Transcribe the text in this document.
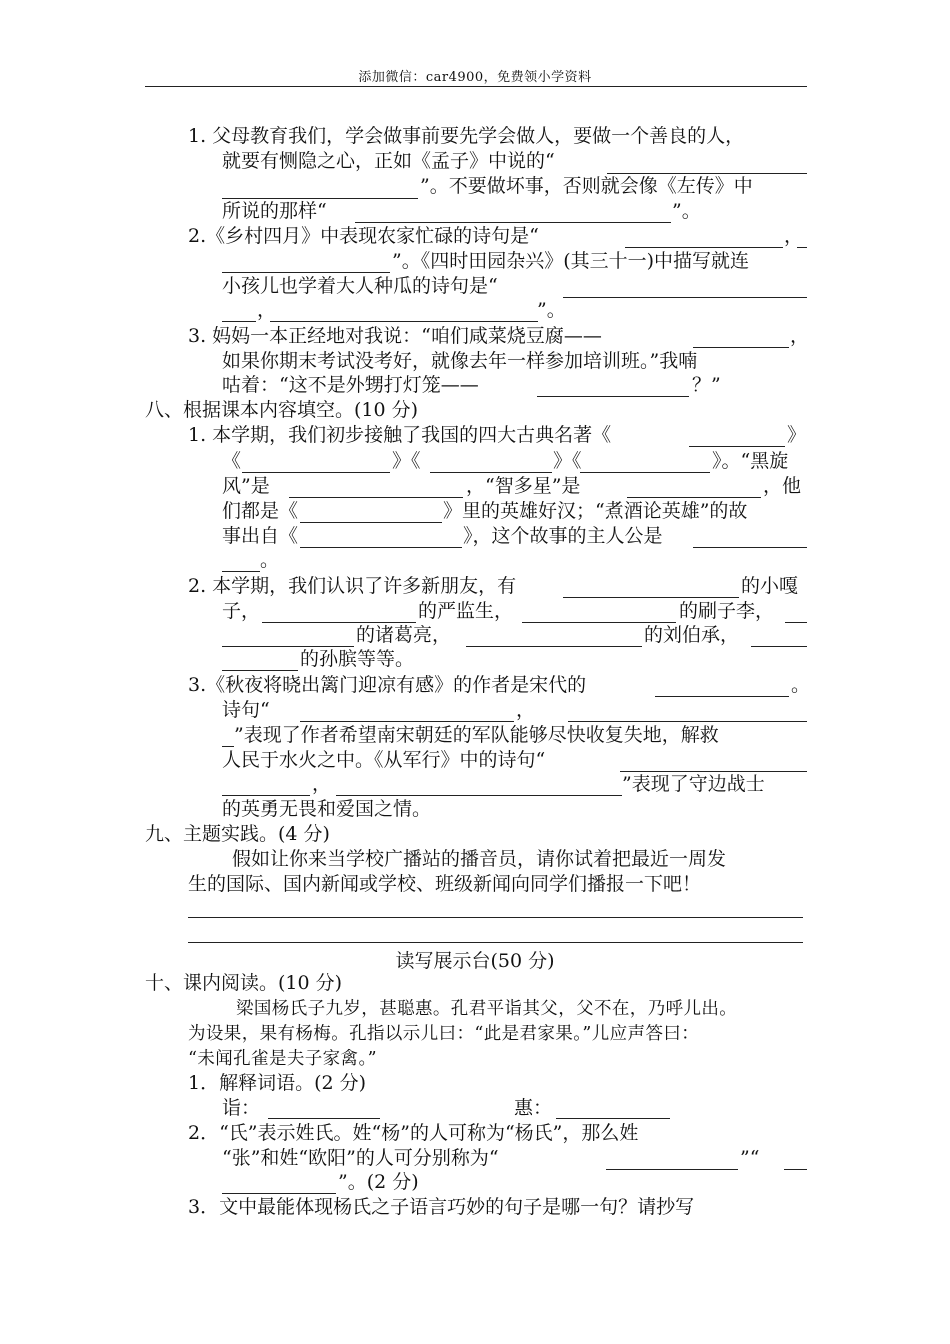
添加微信：car4900，免费领小学资料
1. 父母教育我们，学会做事前要先学会做人，要做一个善良的人，
就要有恻隐之心，正如《孟子》中说的“
”。不要做坏事，否则就会像《左传》中
所说的那样“	”。
2.《乡村四月》中表现农家忙碌的诗句是“	，
”。《四时田园杂兴》(其三十一)中描写就连
小孩儿也学着大人种瓜的诗句是“
，	”。
3. 妈妈一本正经地对我说：“咱们咸菜烧豆腐——	，
如果你期末考试没考好，就像去年一样参加培训班。”我喃
咕着：“这不是外甥打灯笼——	？”
八、根据课本内容填空。(10 分)
1. 本学期，我们初步接触了我国的四大古典名著《	》
《	》《	》《	》。“黑旋
风”是	，“智多星”是	，他
们都是《	》里的英雄好汉；“煮酒论英雄”的故
事出自《	》，这个故事的主人公是
。
2. 本学期，我们认识了许多新朋友，有	的小嘎
子，	的严监生，	的刷子李，
的诸葛亮，	的刘伯承，
的孙膑等等。
3.《秋夜将晓出篱门迎凉有感》的作者是宋代的	。
诗句“	，
”表现了作者希望南宋朝廷的军队能够尽快收复失地，解救
人民于水火之中。《从军行》中的诗句“
，	”表现了守边战士
的英勇无畏和爱国之情。
九、主题实践。(4 分)
假如让你来当学校广播站的播音员，请你试着把最近一周发
生的国际、国内新闻或学校、班级新闻向同学们播报一下吧！
读写展示台(50 分)
十、课内阅读。(10 分)
梁国杨氏子九岁，甚聪惠。孔君平诣其父，父不在，乃呼儿出。
为设果，果有杨梅。孔指以示儿曰：“此是君家果。”儿应声答曰：
“未闻孔雀是夫子家禽。”
1．解释词语。(2 分)
诣：	惠：
2．“氏”表示姓氏。姓“杨”的人可称为“杨氏”，那么姓
“张”和姓“欧阳”的人可分别称为“	”“
”。(2 分)
3．文中最能体现杨氏之子语言巧妙的句子是哪一句？请抄写
